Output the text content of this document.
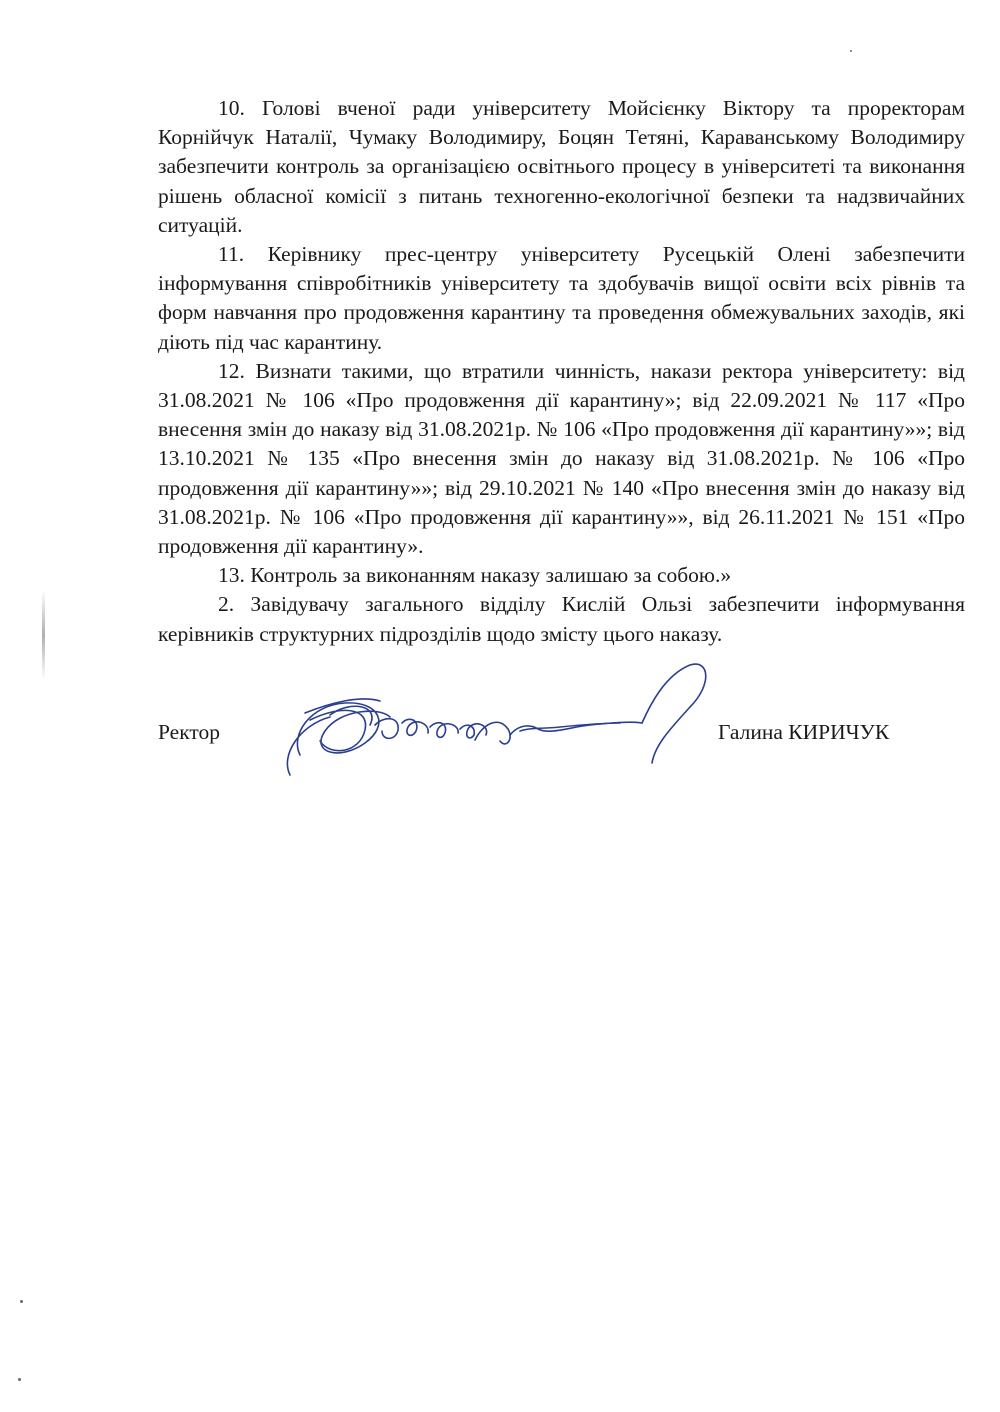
10. Голові вченої ради університету Мойсієнку Віктору та проректорам Корнійчук Наталії, Чумаку Володимиру, Боцян Тетяні, Караванському Володимиру забезпечити контроль за організацією освітнього процесу в університеті та виконання рішень обласної комісії з питань техногенно-екологічної безпеки та надзвичайних ситуацій.

11. Керівнику прес-центру університету Русецькій Олені забезпечити інформування співробітників університету та здобувачів вищої освіти всіх рівнів та форм навчання про продовження карантину та проведення обмежувальних заходів, які діють під час карантину.

12. Визнати такими, що втратили чинність, накази ректора університету: від 31.08.2021 № 106 «Про продовження дії карантину»; від 22.09.2021 № 117 «Про внесення змін до наказу від 31.08.2021р. № 106 «Про продовження дії карантину»»; від 13.10.2021 № 135 «Про внесення змін до наказу від 31.08.2021р. № 106 «Про продовження дії карантину»»; від 29.10.2021 № 140 «Про внесення змін до наказу від 31.08.2021р. № 106 «Про продовження дії карантину»», від 26.11.2021 № 151 «Про продовження дії карантину».

13. Контроль за виконанням наказу залишаю за собою.»

2. Завідувачу загального відділу Кислій Ользі забезпечити інформування керівників структурних підрозділів щодо змісту цього наказу.

Ректор	Галина КИРИЧУК
